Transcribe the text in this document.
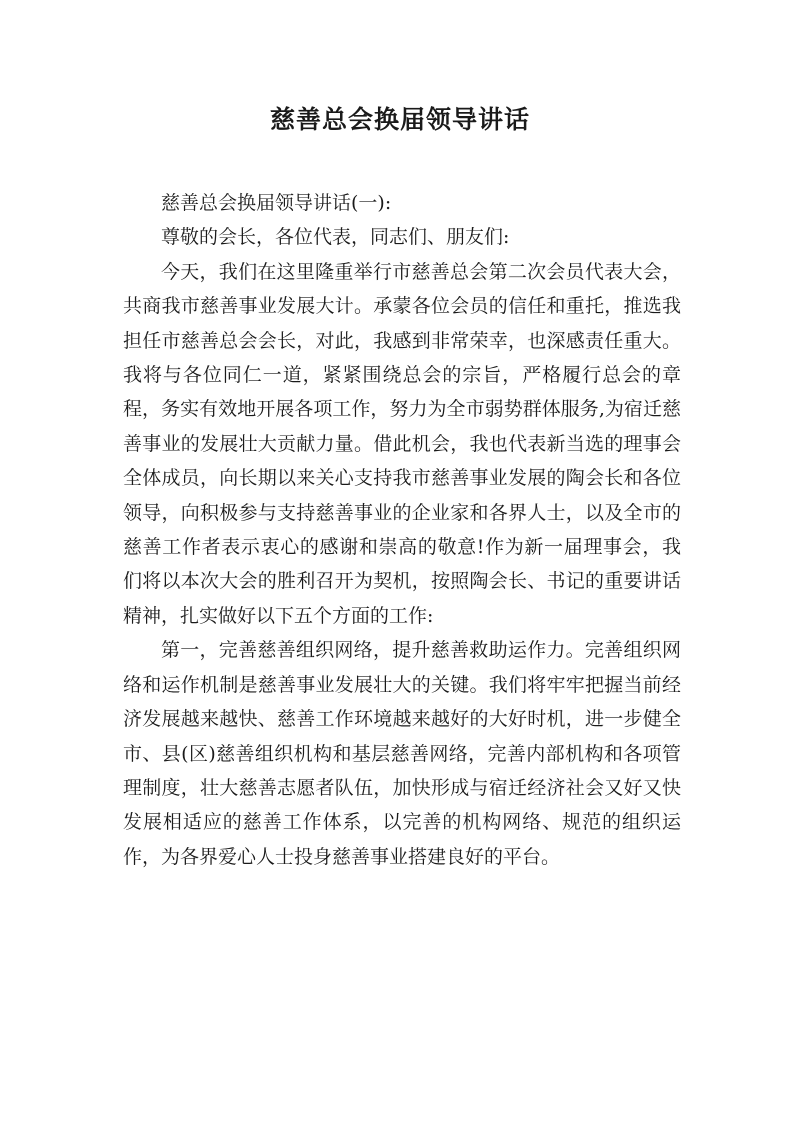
慈善总会换届领导讲话

慈善总会换届领导讲话(一):

尊敬的会长，各位代表，同志们、朋友们:

今天，我们在这里隆重举行市慈善总会第二次会员代表大会，共商我市慈善事业发展大计。承蒙各位会员的信任和重托，推选我担任市慈善总会会长，对此，我感到非常荣幸，也深感责任重大。我将与各位同仁一道，紧紧围绕总会的宗旨，严格履行总会的章程，务实有效地开展各项工作，努力为全市弱势群体服务,为宿迁慈善事业的发展壮大贡献力量。借此机会，我也代表新当选的理事会全体成员，向长期以来关心支持我市慈善事业发展的陶会长和各位领导，向积极参与支持慈善事业的企业家和各界人士，以及全市的慈善工作者表示衷心的感谢和崇高的敬意!作为新一届理事会，我们将以本次大会的胜利召开为契机，按照陶会长、书记的重要讲话精神，扎实做好以下五个方面的工作:

第一，完善慈善组织网络，提升慈善救助运作力。完善组织网络和运作机制是慈善事业发展壮大的关键。我们将牢牢把握当前经济发展越来越快、慈善工作环境越来越好的大好时机，进一步健全市、县(区)慈善组织机构和基层慈善网络，完善内部机构和各项管理制度，壮大慈善志愿者队伍，加快形成与宿迁经济社会又好又快发展相适应的慈善工作体系，以完善的机构网络、规范的组织运作，为各界爱心人士投身慈善事业搭建良好的平台。
